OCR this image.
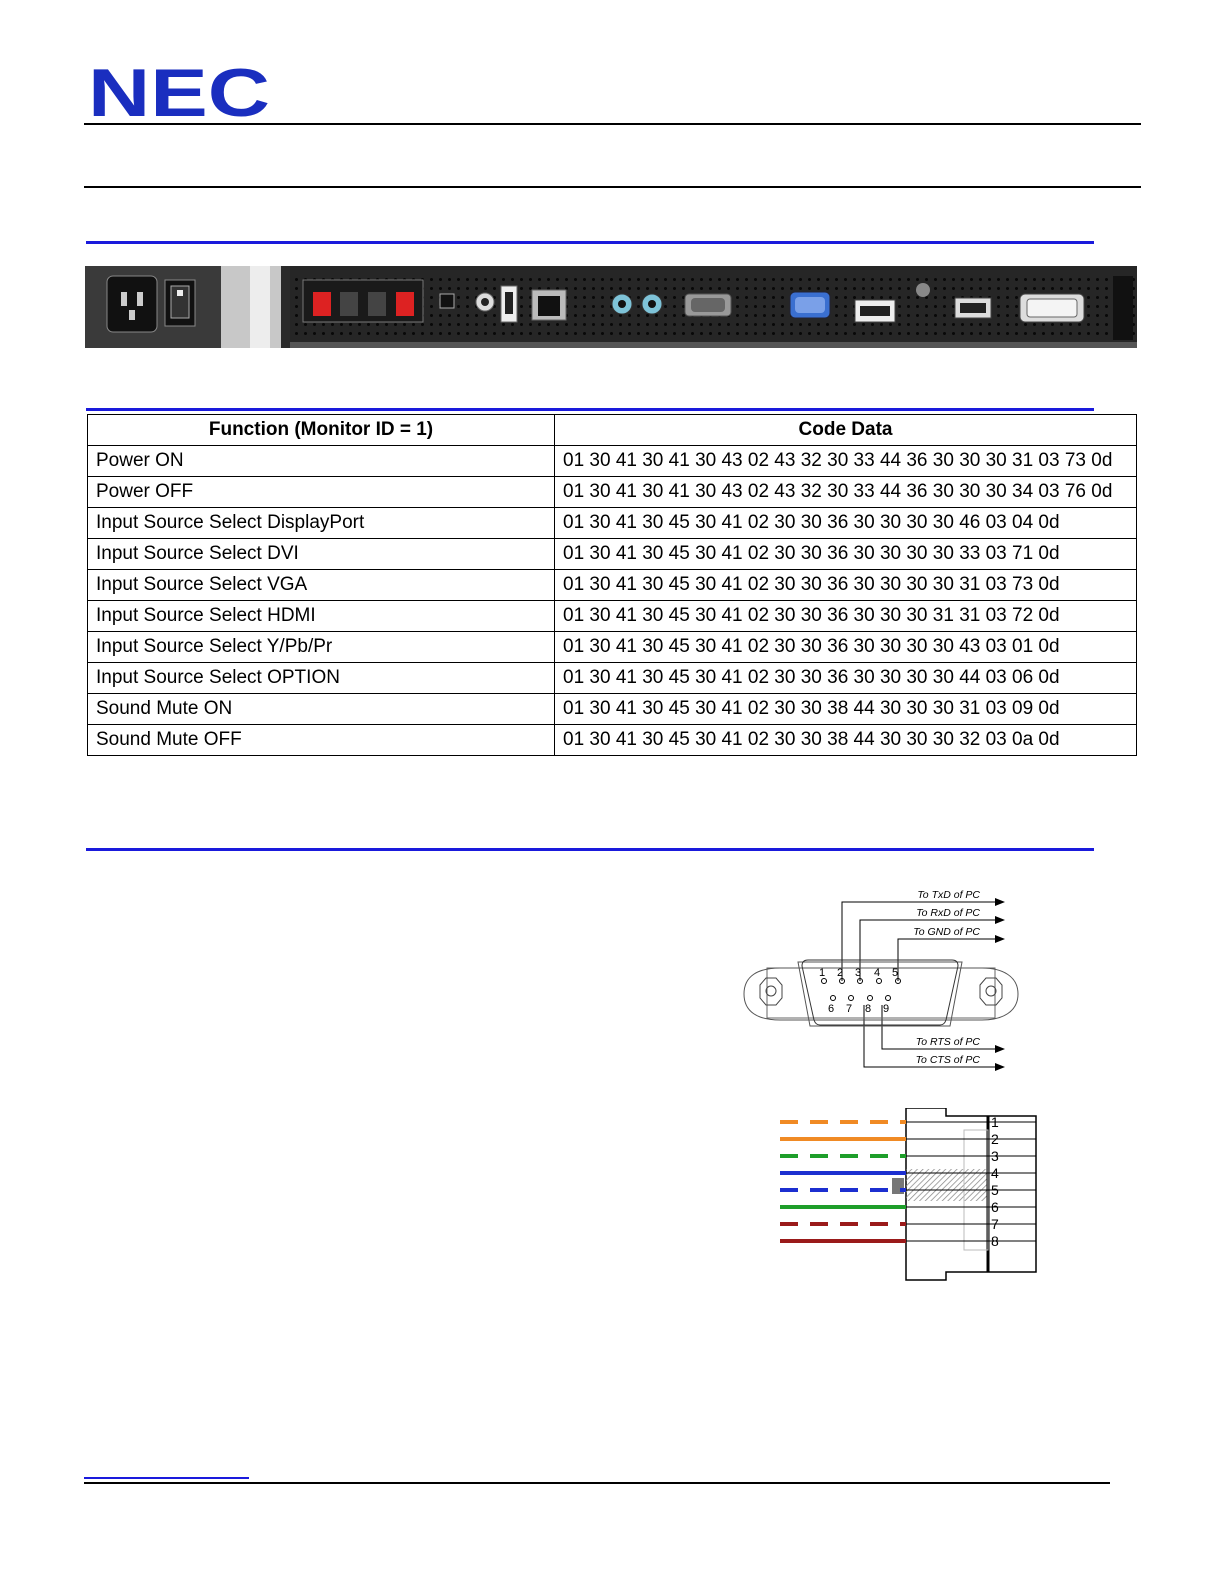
NEC
Function (Monitor ID = 1)	Code Data
Power ON	01 30 41 30 41 30 43 02 43 32 30 33 44 36 30 30 30 31 03 73 0d
Power OFF	01 30 41 30 41 30 43 02 43 32 30 33 44 36 30 30 30 34 03 76 0d
Input Source Select DisplayPort	01 30 41 30 45 30 41 02 30 30 36 30 30 30 30 46 03 04 0d
Input Source Select DVI	01 30 41 30 45 30 41 02 30 30 36 30 30 30 30 33 03 71 0d
Input Source Select VGA	01 30 41 30 45 30 41 02 30 30 36 30 30 30 30 31 03 73 0d
Input Source Select HDMI	01 30 41 30 45 30 41 02 30 30 36 30 30 30 31 31 03 72 0d
Input Source Select Y/Pb/Pr	01 30 41 30 45 30 41 02 30 30 36 30 30 30 30 43 03 01 0d
Input Source Select OPTION	01 30 41 30 45 30 41 02 30 30 36 30 30 30 30 44 03 06 0d
Sound Mute ON	01 30 41 30 45 30 41 02 30 30 38 44 30 30 30 31 03 09 0d
Sound Mute OFF	01 30 41 30 45 30 41 02 30 30 38 44 30 30 30 32 03 0a 0d
To TxD of PC
To RxD of PC
To GND of PC
To RTS of PC
To CTS of PC
1 2 3 4 5
6 7 8 9
1
2
3
4
5
6
7
8
